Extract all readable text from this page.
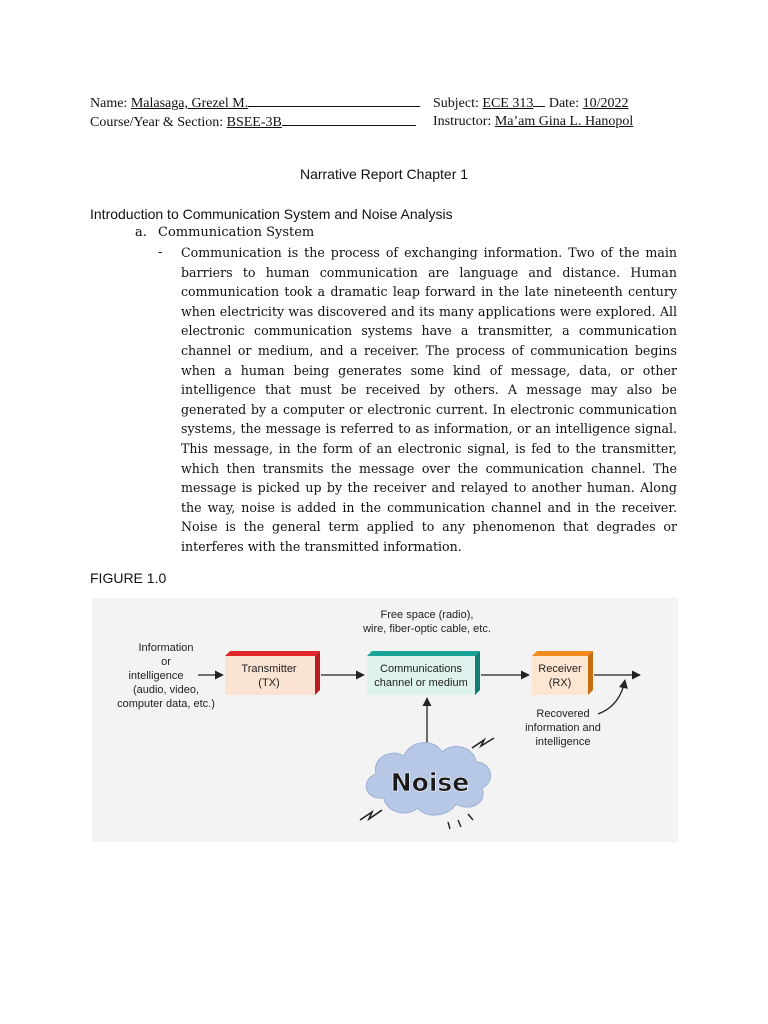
Name: Malasaga, Grezel M.	Subject: ECE 313 Date: 10/2022
Course/Year & Section: BSEE-3B	Instructor: Ma’am Gina L. Hanopol
Narrative Report Chapter 1
Introduction to Communication System and Noise Analysis
a. Communication System
- Communication is the process of exchanging information. Two of the main barriers to human communication are language and distance. Human communication took a dramatic leap forward in the late nineteenth century when electricity was discovered and its many applications were explored. All electronic communication systems have a transmitter, a communication channel or medium, and a receiver. The process of communication begins when a human being generates some kind of message, data, or other intelligence that must be received by others. A message may also be generated by a computer or electronic current. In electronic communication systems, the message is referred to as information, or an intelligence signal. This message, in the form of an electronic signal, is fed to the transmitter, which then transmits the message over the communication channel. The message is picked up by the receiver and relayed to another human. Along the way, noise is added in the communication channel and in the receiver. Noise is the general term applied to any phenomenon that degrades or interferes with the transmitted information.
FIGURE 1.0
Information
or
intelligence
(audio, video,
computer data, etc.)
Transmitter
(TX)
Free space (radio),
wire, fiber-optic cable, etc.
Communications
channel or medium
Receiver
(RX)
Recovered
information and
intelligence
Noise
